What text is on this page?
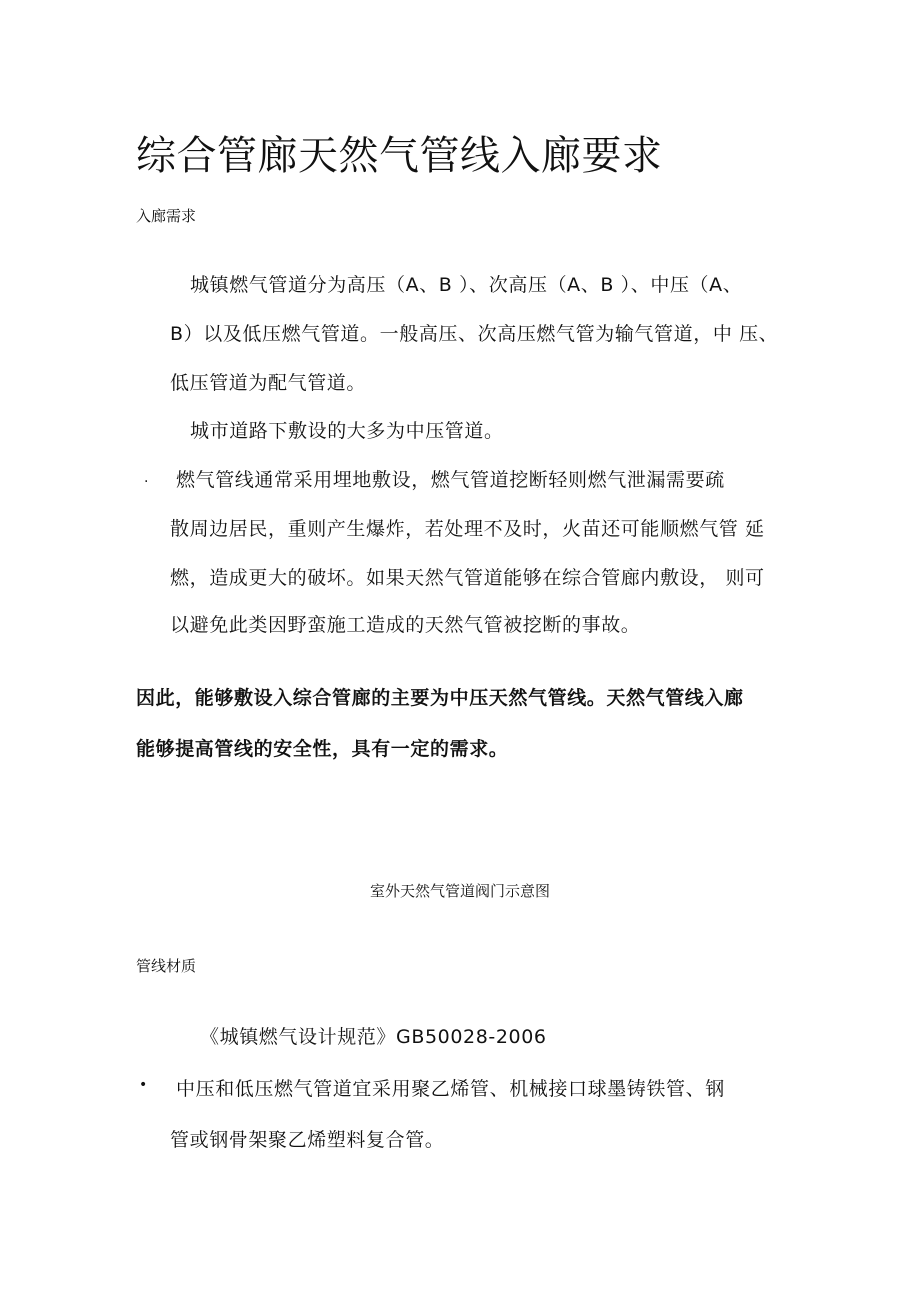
综合管廊天然气管线入廊要求
入廊需求
城镇燃气管道分为高压（A、B ）、次高压（A、B ）、中压（A、
B）以及低压燃气管道。一般高压、次高压燃气管为输气管道，中 压、
低压管道为配气管道。
城市道路下敷设的大多为中压管道。
. 燃气管线通常采用埋地敷设，燃气管道挖断轻则燃气泄漏需要疏
散周边居民，重则产生爆炸，若处理不及时，火苗还可能顺燃气管 延
燃，造成更大的破坏。如果天然气管道能够在综合管廊内敷设， 则可
以避免此类因野蛮施工造成的天然气管被挖断的事故。
因此，能够敷设入综合管廊的主要为中压天然气管线。天然气管线入廊
能够提高管线的安全性，具有一定的需求。
室外天然气管道阀门示意图
管线材质
《城镇燃气设计规范》GB50028-2006
• 中压和低压燃气管道宜采用聚乙烯管、机械接口球墨铸铁管、钢
管或钢骨架聚乙烯塑料复合管。
